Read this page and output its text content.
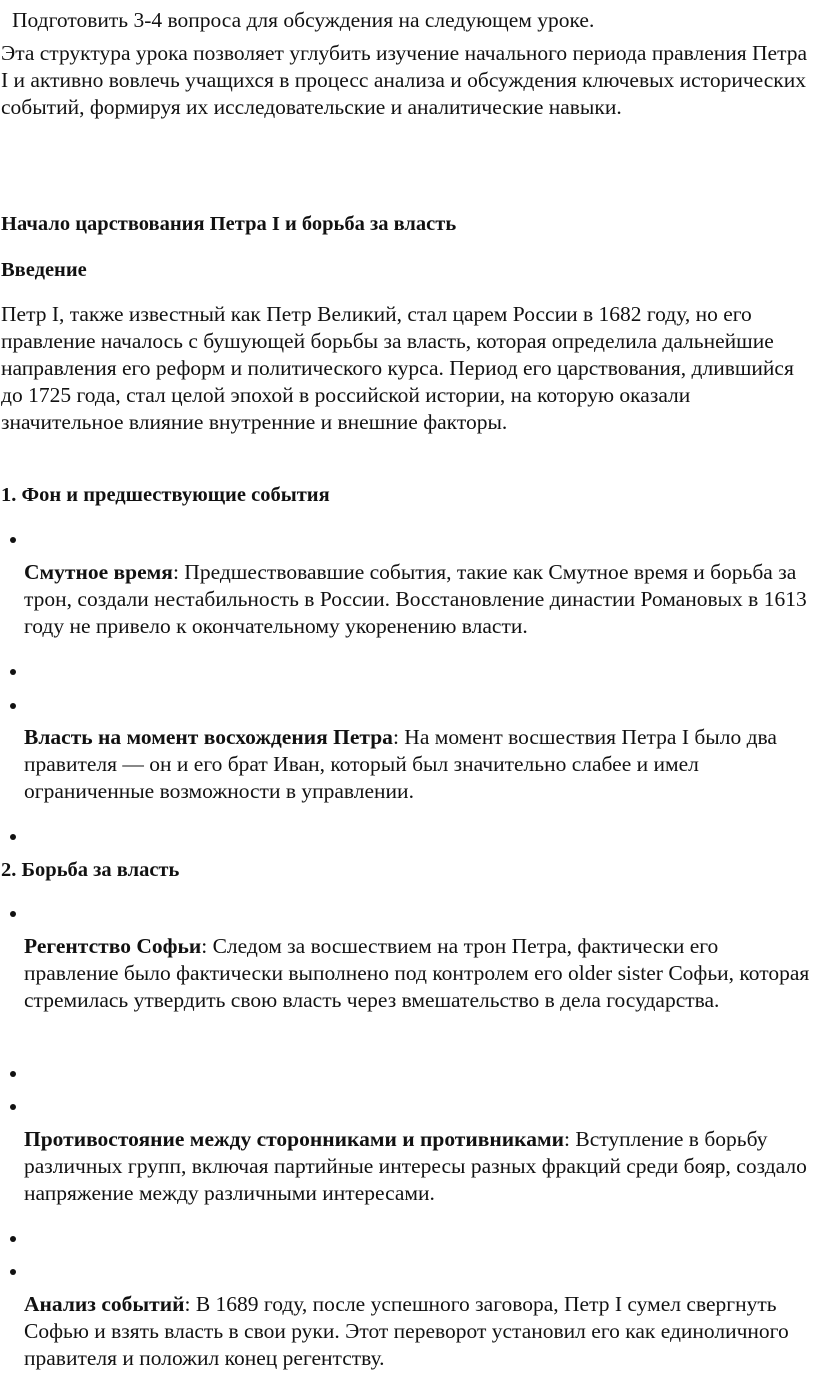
Подготовить 3-4 вопроса для обсуждения на следующем уроке.

Эта структура урока позволяет углубить изучение начального периода правления Петра I и активно вовлечь учащихся в процесс анализа и обсуждения ключевых исторических событий, формируя их исследовательские и аналитические навыки.

Начало царствования Петра I и борьба за власть
Введение

Петр I, также известный как Петр Великий, стал царем России в 1682 году, но его правление началось с бушующей борьбы за власть, которая определила дальнейшие направления его реформ и политического курса. Период его царствования, длившийся до 1725 года, стал целой эпохой в российской истории, на которую оказали значительное влияние внутренние и внешние факторы.

1. Фон и предшествующие события

Смутное время: Предшествовавшие события, такие как Смутное время и борьба за трон, создали нестабильность в России. Восстановление династии Романовых в 1613 году не привело к окончательному укоренению власти.

Власть на момент восхождения Петра: На момент восшествия Петра I было два правителя — он и его брат Иван, который был значительно слабее и имел ограниченные возможности в управлении.

2. Борьба за власть

Регентство Софьи: Следом за восшествием на трон Петра, фактически его правление было фактически выполнено под контролем его older sister Софьи, которая стремилась утвердить свою власть через вмешательство в дела государства.

Противостояние между сторонниками и противниками: Вступление в борьбу различных групп, включая партийные интересы разных фракций среди бояр, создало напряжение между различными интересами.

Анализ событий: В 1689 году, после успешного заговора, Петр I сумел свергнуть Софью и взять власть в свои руки. Этот переворот установил его как единоличного правителя и положил конец регентству.
